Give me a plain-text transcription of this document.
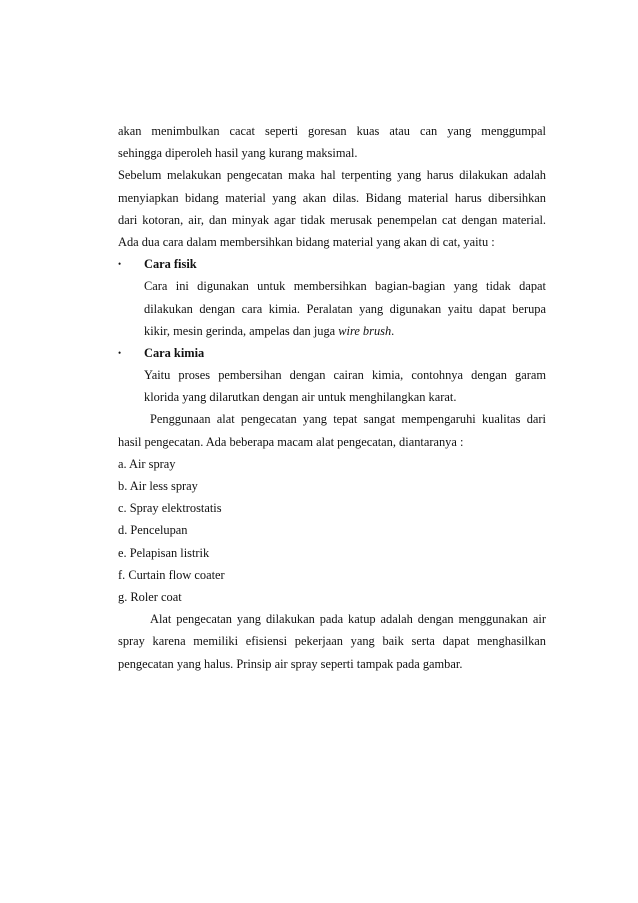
akan menimbulkan cacat seperti goresan kuas atau can yang menggumpal
sehingga diperoleh hasil yang kurang maksimal.
Sebelum melakukan pengecatan maka hal terpenting yang harus dilakukan adalah
menyiapkan bidang material yang akan dilas. Bidang material harus dibersihkan
dari kotoran, air, dan minyak agar tidak merusak penempelan cat dengan material.
Ada dua cara dalam membersihkan bidang material yang akan di cat, yaitu :
•	Cara fisik
Cara ini digunakan untuk membersihkan bagian-bagian yang tidak dapat
dilakukan dengan cara kimia. Peralatan yang digunakan yaitu dapat berupa
kikir, mesin gerinda, ampelas dan juga wire brush.
•	Cara kimia
Yaitu proses pembersihan dengan cairan kimia, contohnya dengan garam
klorida yang dilarutkan dengan air untuk menghilangkan karat.
Penggunaan alat pengecatan yang tepat sangat mempengaruhi kualitas dari
hasil pengecatan. Ada beberapa macam alat pengecatan, diantaranya :
a. Air spray
b. Air less spray
c. Spray elektrostatis
d. Pencelupan
e. Pelapisan listrik
f. Curtain flow coater
g. Roler coat
Alat pengecatan yang dilakukan pada katup adalah dengan menggunakan air
spray karena memiliki efisiensi pekerjaan yang baik serta dapat menghasilkan
pengecatan yang halus. Prinsip air spray seperti tampak pada gambar.
